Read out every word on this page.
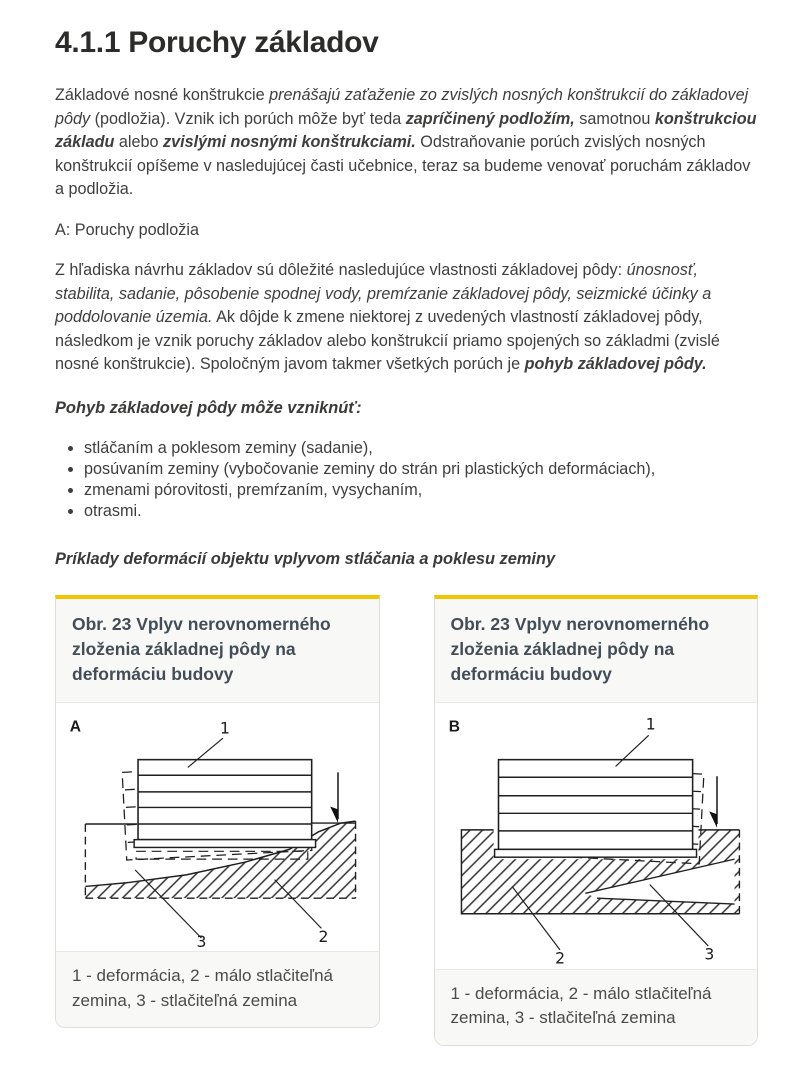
4.1.1 Poruchy základov

Základové nosné konštrukcie prenášajú zaťaženie zo zvislých nosných konštrukcií do základovej pôdy (podložia). Vznik ich porúch môže byť teda zapríčinený podložím, samotnou konštrukciou základu alebo zvislými nosnými konštrukciami. Odstraňovanie porúch zvislých nosných konštrukcií opíšeme v nasledujúcej časti učebnice, teraz sa budeme venovať poruchám základov a podložia.

A: Poruchy podložia

Z hľadiska návrhu základov sú dôležité nasledujúce vlastnosti základovej pôdy: únosnosť, stabilita, sadanie, pôsobenie spodnej vody, premŕzanie základovej pôdy, seizmické účinky a poddolovanie územia. Ak dôjde k zmene niektorej z uvedených vlastností základovej pôdy, následkom je vznik poruchy základov alebo konštrukcií priamo spojených so základmi (zvislé nosné konštrukcie). Spoločným javom takmer všetkých porúch je pohyb základovej pôdy.

Pohyb základovej pôdy môže vzniknúť:

• stláčaním a poklesom zeminy (sadanie),
• posúvaním zeminy (vybočovanie zeminy do strán pri plastických deformáciach),
• zmenami pórovitosti, premŕzaním, vysychaním,
• otrasmi.

Príklady deformácií objektu vplyvom stláčania a poklesu zeminy

Obr. 23 Vplyv nerovnomerného zloženia základnej pôdy na deformáciu budovy
1
3	2
A
1 - deformácia, 2 - málo stlačiteľná zemina, 3 - stlačiteľná zemina
Obr. 23 Vplyv nerovnomerného zloženia základnej pôdy na deformáciu budovy
1
2	3
B
1 - deformácia, 2 - málo stlačiteľná zemina, 3 - stlačiteľná zemina
